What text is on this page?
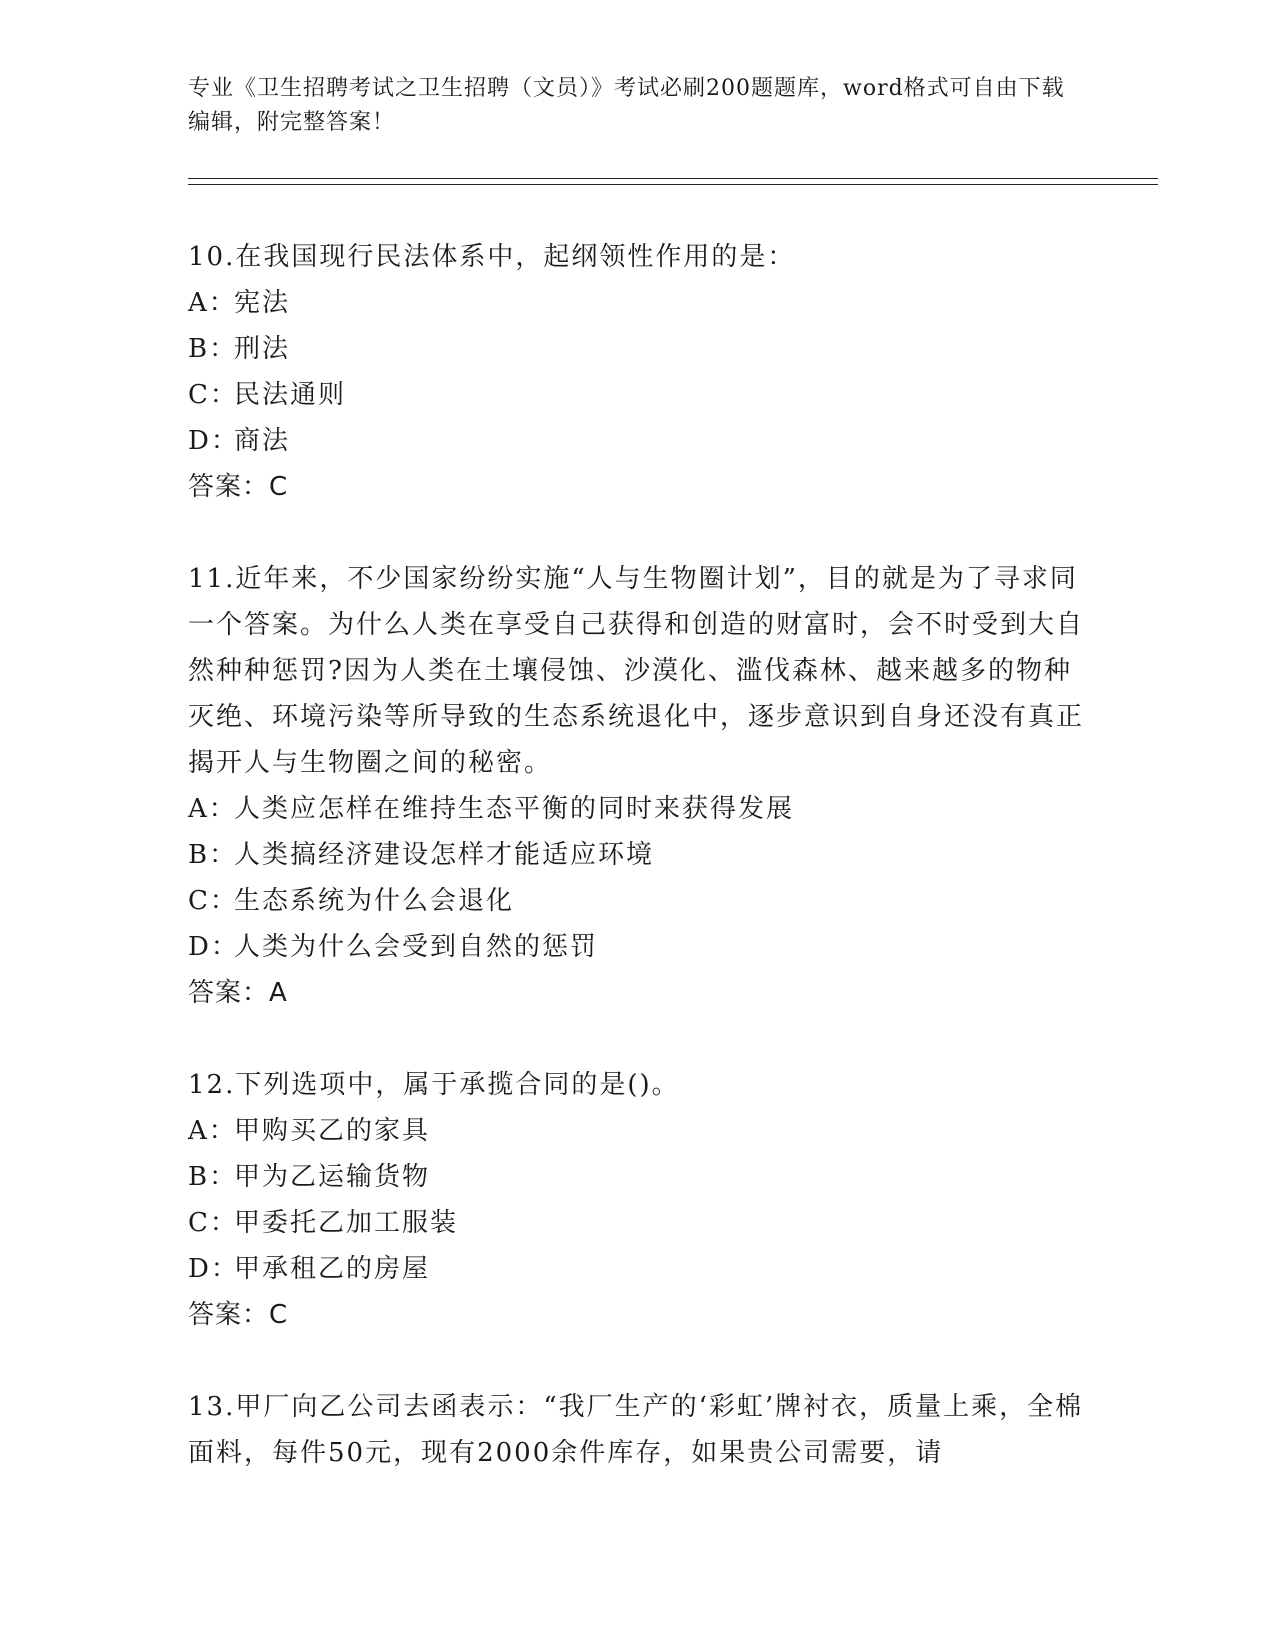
专业《卫生招聘考试之卫生招聘（文员）》考试必刷200题题库，word格式可自由下载编辑，附完整答案！

10.在我国现行民法体系中，起纲领性作用的是：

A：宪法

B：刑法

C：民法通则

D：商法

答案：C

11.近年来，不少国家纷纷实施“人与生物圈计划”，目的就是为了寻求同一个答案。为什么人类在享受自己获得和创造的财富时，会不时受到大自然种种惩罚?因为人类在土壤侵蚀、沙漠化、滥伐森林、越来越多的物种灭绝、环境污染等所导致的生态系统退化中，逐步意识到自身还没有真正揭开人与生物圈之间的秘密。

A：人类应怎样在维持生态平衡的同时来获得发展

B：人类搞经济建设怎样才能适应环境

C：生态系统为什么会退化

D：人类为什么会受到自然的惩罚

答案：A

12.下列选项中，属于承揽合同的是()。

A：甲购买乙的家具

B：甲为乙运输货物

C：甲委托乙加工服装

D：甲承租乙的房屋

答案：C

13.甲厂向乙公司去函表示：“我厂生产的‘彩虹’牌衬衣，质量上乘，全棉面料，每件50元，现有2000余件库存，如果贵公司需要，请
